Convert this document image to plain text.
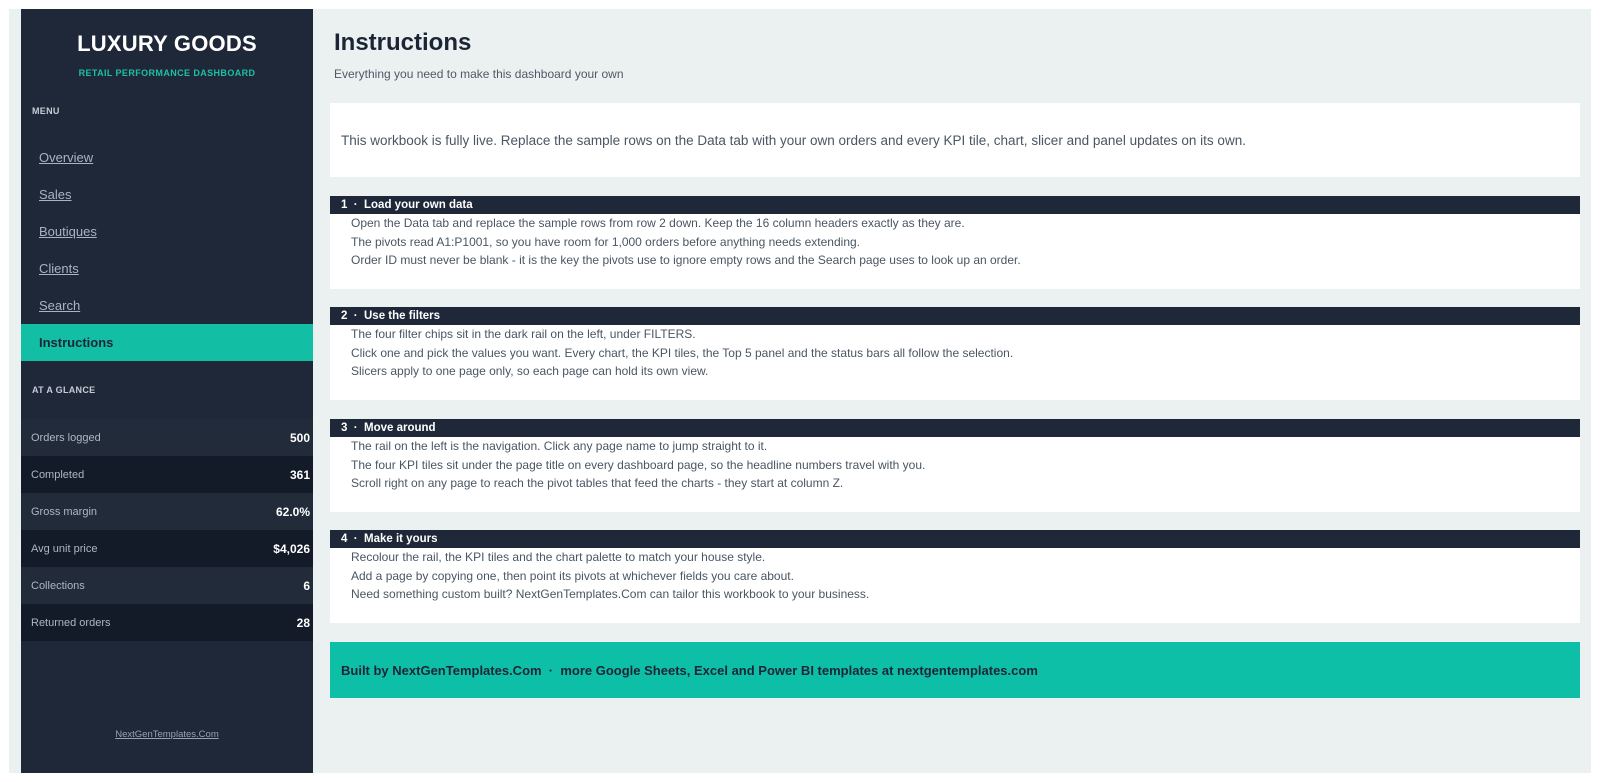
LUXURY GOODS
RETAIL PERFORMANCE DASHBOARD
MENU
Overview
Sales
Boutiques
Clients
Search
Instructions
AT A GLANCE
Orders logged	500
Completed	361
Gross margin	62.0%
Avg unit price	$4,026
Collections	6
Returned orders	28
NextGenTemplates.Com
Instructions
Everything you need to make this dashboard your own
This workbook is fully live. Replace the sample rows on the Data tab with your own orders and every KPI tile, chart, slicer and panel updates on its own.
1  ·  Load your own data
Open the Data tab and replace the sample rows from row 2 down. Keep the 16 column headers exactly as they are.
The pivots read A1:P1001, so you have room for 1,000 orders before anything needs extending.
Order ID must never be blank - it is the key the pivots use to ignore empty rows and the Search page uses to look up an order.
2  ·  Use the filters
The four filter chips sit in the dark rail on the left, under FILTERS.
Click one and pick the values you want. Every chart, the KPI tiles, the Top 5 panel and the status bars all follow the selection.
Slicers apply to one page only, so each page can hold its own view.
3  ·  Move around
The rail on the left is the navigation. Click any page name to jump straight to it.
The four KPI tiles sit under the page title on every dashboard page, so the headline numbers travel with you.
Scroll right on any page to reach the pivot tables that feed the charts - they start at column Z.
4  ·  Make it yours
Recolour the rail, the KPI tiles and the chart palette to match your house style.
Add a page by copying one, then point its pivots at whichever fields you care about.
Need something custom built? NextGenTemplates.Com can tailor this workbook to your business.
Built by NextGenTemplates.Com  ·  more Google Sheets, Excel and Power BI templates at nextgentemplates.com
